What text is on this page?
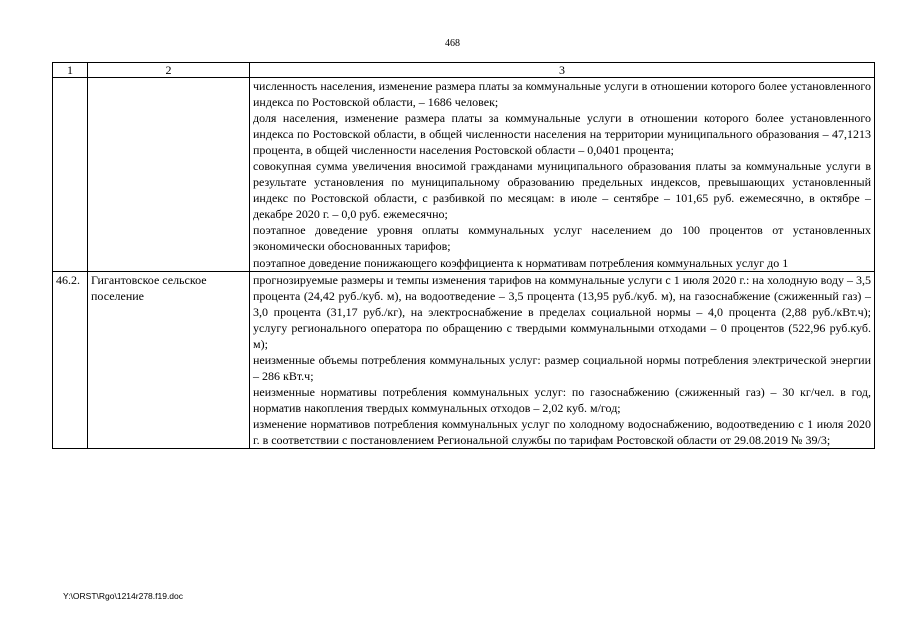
468
1	2	3

		численность населения, изменение размера платы за коммунальные услуги в отношении которого более установленного индекса по Ростовской области, – 1686 человек;

доля населения, изменение размера платы за коммунальные услуги в отношении которого более установленного индекса по Ростовской области, в общей численности населения на территории муниципального образования – 47,1213 процента, в общей численности населения Ростовской области – 0,0401 процента;

совокупная сумма увеличения вносимой гражданами муниципального образования платы за коммунальные услуги в результате установления по муниципальному образованию предельных индексов, превышающих установленный индекс по Ростовской области, с разбивкой по месяцам: в июле – сентябре – 101,65 руб. ежемесячно, в октябре – декабре 2020 г. – 0,0 руб. ежемесячно;

поэтапное доведение уровня оплаты коммунальных услуг населением до 100 процентов от установленных экономически обоснованных тарифов;

поэтапное доведение понижающего коэффициента к нормативам потребления коммунальных услуг до 1

46.2.	Гигантовское сельское поселение	прогнозируемые размеры и темпы изменения тарифов на коммунальные услуги с 1 июля 2020 г.: на холодную воду – 3,5 процента (24,42 руб./куб. м), на водоотведение – 3,5 процента (13,95 руб./куб. м), на газоснабжение (сжиженный газ) – 3,0 процента (31,17 руб./кг), на электроснабжение в пределах социальной нормы – 4,0 процента (2,88 руб./кВт.ч); услугу регионального оператора по обращению с твердыми коммунальными отходами – 0 процентов (522,96 руб.куб. м);

неизменные объемы потребления коммунальных услуг: размер социальной нормы потребления электрической энергии – 286 кВт.ч;

неизменные нормативы потребления коммунальных услуг: по газоснабжению (сжиженный газ) – 30 кг/чел. в год, норматив накопления твердых коммунальных отходов – 2,02 куб. м/год;

изменение нормативов потребления коммунальных услуг по холодному водоснабжению, водоотведению с 1 июля 2020 г. в соответствии с постановлением Региональной службы по тарифам Ростовской области от 29.08.2019 № 39/3;

Y:\ORST\Rgo\1214r278.f19.doc
